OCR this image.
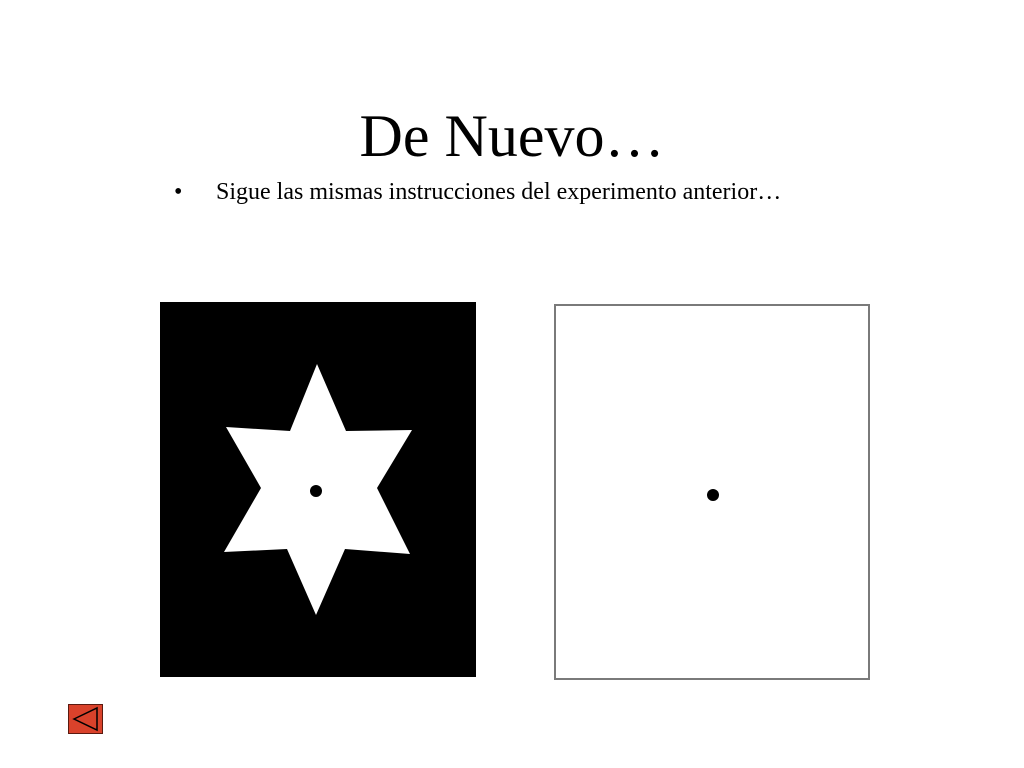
De Nuevo…
•	Sigue las mismas instrucciones del experimento anterior…
